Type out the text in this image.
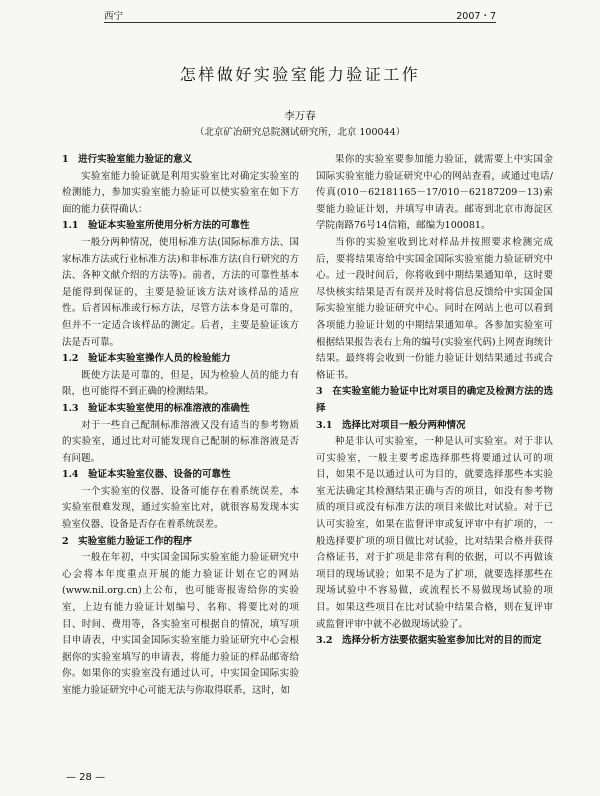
西宁	2007・7
怎样做好实验室能力验证工作
李万春
（北京矿冶研究总院测试研究所，北京 100044）

1　进行实验室能力验证的意义

实验室能力验证就是利用实验室比对确定实验室的检测能力，参加实验室能力验证可以使实验室在如下方面的能力获得确认：

1.1　验证本实验室所使用分析方法的可靠性

一般分两种情况，使用标准方法(国际标准方法、国家标准方法或行业标准方法)和非标准方法(自行研究的方法、各种文献介绍的方法等)。前者，方法的可靠性基本是能得到保证的，主要是验证该方法对该样品的适应性。后者因标准或行标方法，尽管方法本身是可靠的，但并不一定适合该样品的测定。后者，主要是验证该方法是否可靠。

1.2　验证本实验室操作人员的检验能力

既使方法是可靠的，但是，因为检验人员的能力有限，也可能得不到正确的检测结果。

1.3　验证本实验室使用的标准溶液的准确性

对于一些自己配制标准溶液又没有适当的参考物质的实验室，通过比对可能发现自己配制的标准溶液是否有问题。

1.4　验证本实验室仪器、设备的可靠性

一个实验室的仪器、设备可能存在着系统误差，本实验室很难发现，通过实验室比对，就很容易发现本实验室仪器、设备是否存在着系统误差。

2　实验室能力验证工作的程序

一般在年初，中实国金国际实验室能力验证研究中心会将本年度重点开展的能力验证计划在它的网站(www.nil.org.cn)上公布，也可能寄报寄给你的实验室，上边有能力验证计划编号、名称、将要比对的项目、时间、费用等，各实验室可根据自的情况，填写项目申请表，中实国金国际实验室能力验证研究中心会根据你的实验室填写的申请表，将能力验证的样品邮寄给你。如果你的实验室没有通过认可，中实国金国际实验室能力验证研究中心可能无法与你取得联系，这时，如

果你的实验室要参加能力验证，就需要上中实国金国际实验室能力验证研究中心的网站查看，或通过电话/传真(010－62181165－17/010－62187209－13)索要能力验证计划，并填写申请表。邮寄到北京市海淀区学院南路76号14信箱，邮编为100081。

当你的实验室收到比对样品并按照要求检测完成后，要将结果寄给中实国金国际实验室能力验证研究中心。过一段时间后，你将收到中期结果通知单，这时要尽快核实结果是否有误并及时将信息反馈给中实国金国际实验室能力验证研究中心。同时在网站上也可以看到各项能力验证计划的中期结果通知单。各参加实验室可根据结果报告表右上角的编号(实验室代码)上网查询统计结果。最终将会收到一份能力验证计划结果通过书或合格证书。

3　在实验室能力验证中比对项目的确定及检测方法的选择

3.1　选择比对项目一般分两种情况

种是非认可实验室，一种是认可实验室。对于非认可实验室，一般主要考虑选择那些将要通过认可的项目，如果不是以通过认可为目的，就要选择那些本实验室无法确定其检测结果正确与否的项目，如没有参考物质的项目或没有标准方法的项目来做比对试验。对于已认可实验室，如果在监督评审或复评审中有扩项的，一般选择要扩项的项目做比对试验，比对结果合格并获得合格证书，对于扩项是非常有利的依据，可以不再做该项目的现场试验；如果不是为了扩项，就要选择那些在现场试验中不容易做，或流程长不易做现场试验的项目。如果这些项目在比对试验中结果合格，则在复评审或监督评审中就不必做现场试验了。

3.2　选择分析方法要依据实验室参加比对的目的而定

— 28 —
